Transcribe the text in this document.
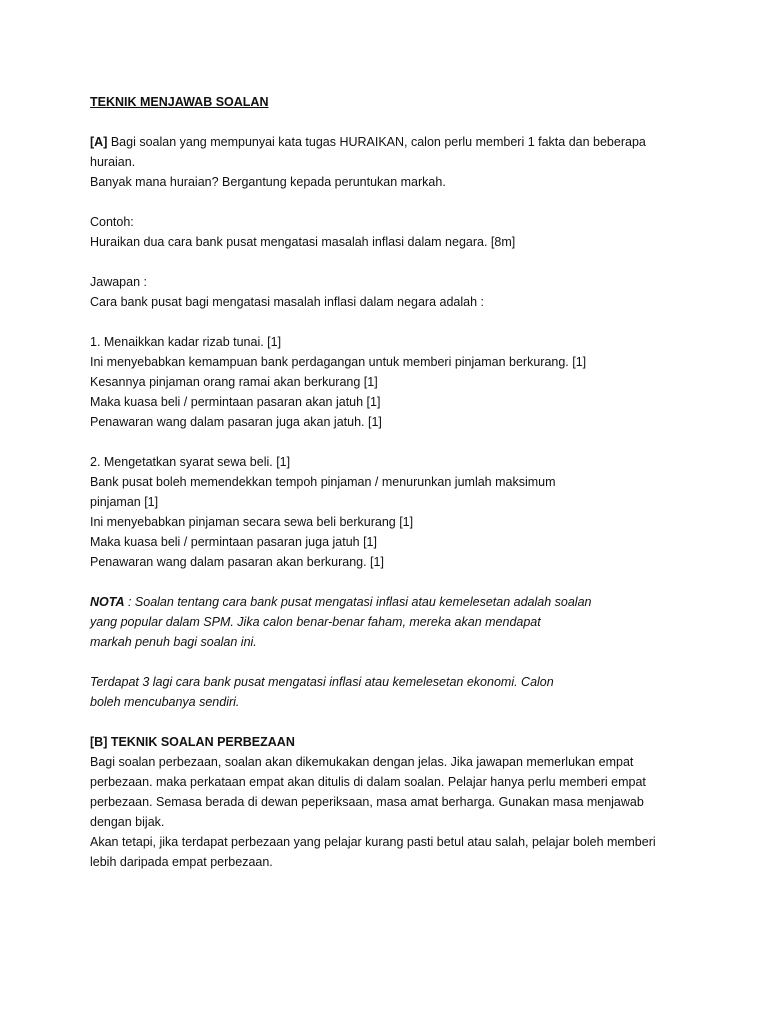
TEKNIK MENJAWAB SOALAN
[A] Bagi soalan yang mempunyai kata tugas HURAIKAN, calon perlu memberi 1 fakta dan beberapa
huraian.
Banyak mana huraian? Bergantung kepada peruntukan markah.
Contoh:
Huraikan dua cara bank pusat mengatasi masalah inflasi dalam negara. [8m]
Jawapan :
Cara bank pusat bagi mengatasi masalah inflasi dalam negara adalah :
1. Menaikkan kadar rizab tunai. [1]
Ini menyebabkan kemampuan bank perdagangan untuk memberi pinjaman berkurang. [1]
Kesannya pinjaman orang ramai akan berkurang [1]
Maka kuasa beli / permintaan pasaran akan jatuh [1]
Penawaran wang dalam pasaran juga akan jatuh. [1]
2. Mengetatkan syarat sewa beli. [1]
Bank pusat boleh memendekkan tempoh pinjaman / menurunkan jumlah maksimum
pinjaman [1]
Ini menyebabkan pinjaman secara sewa beli berkurang [1]
Maka kuasa beli / permintaan pasaran juga jatuh [1]
Penawaran wang dalam pasaran akan berkurang. [1]
NOTA : Soalan tentang cara bank pusat mengatasi inflasi atau kemelesetan adalah soalan
yang popular dalam SPM. Jika calon benar-benar faham, mereka akan mendapat
markah penuh bagi soalan ini.
Terdapat 3 lagi cara bank pusat mengatasi inflasi atau kemelesetan ekonomi. Calon
boleh mencubanya sendiri.
[B] TEKNIK SOALAN PERBEZAAN
Bagi soalan perbezaan, soalan akan dikemukakan dengan jelas. Jika jawapan memerlukan empat
perbezaan. maka perkataan empat akan ditulis di dalam soalan. Pelajar hanya perlu memberi empat
perbezaan. Semasa berada di dewan peperiksaan, masa amat berharga. Gunakan masa menjawab
dengan bijak.
Akan tetapi, jika terdapat perbezaan yang pelajar kurang pasti betul atau salah, pelajar boleh memberi
lebih daripada empat perbezaan.
